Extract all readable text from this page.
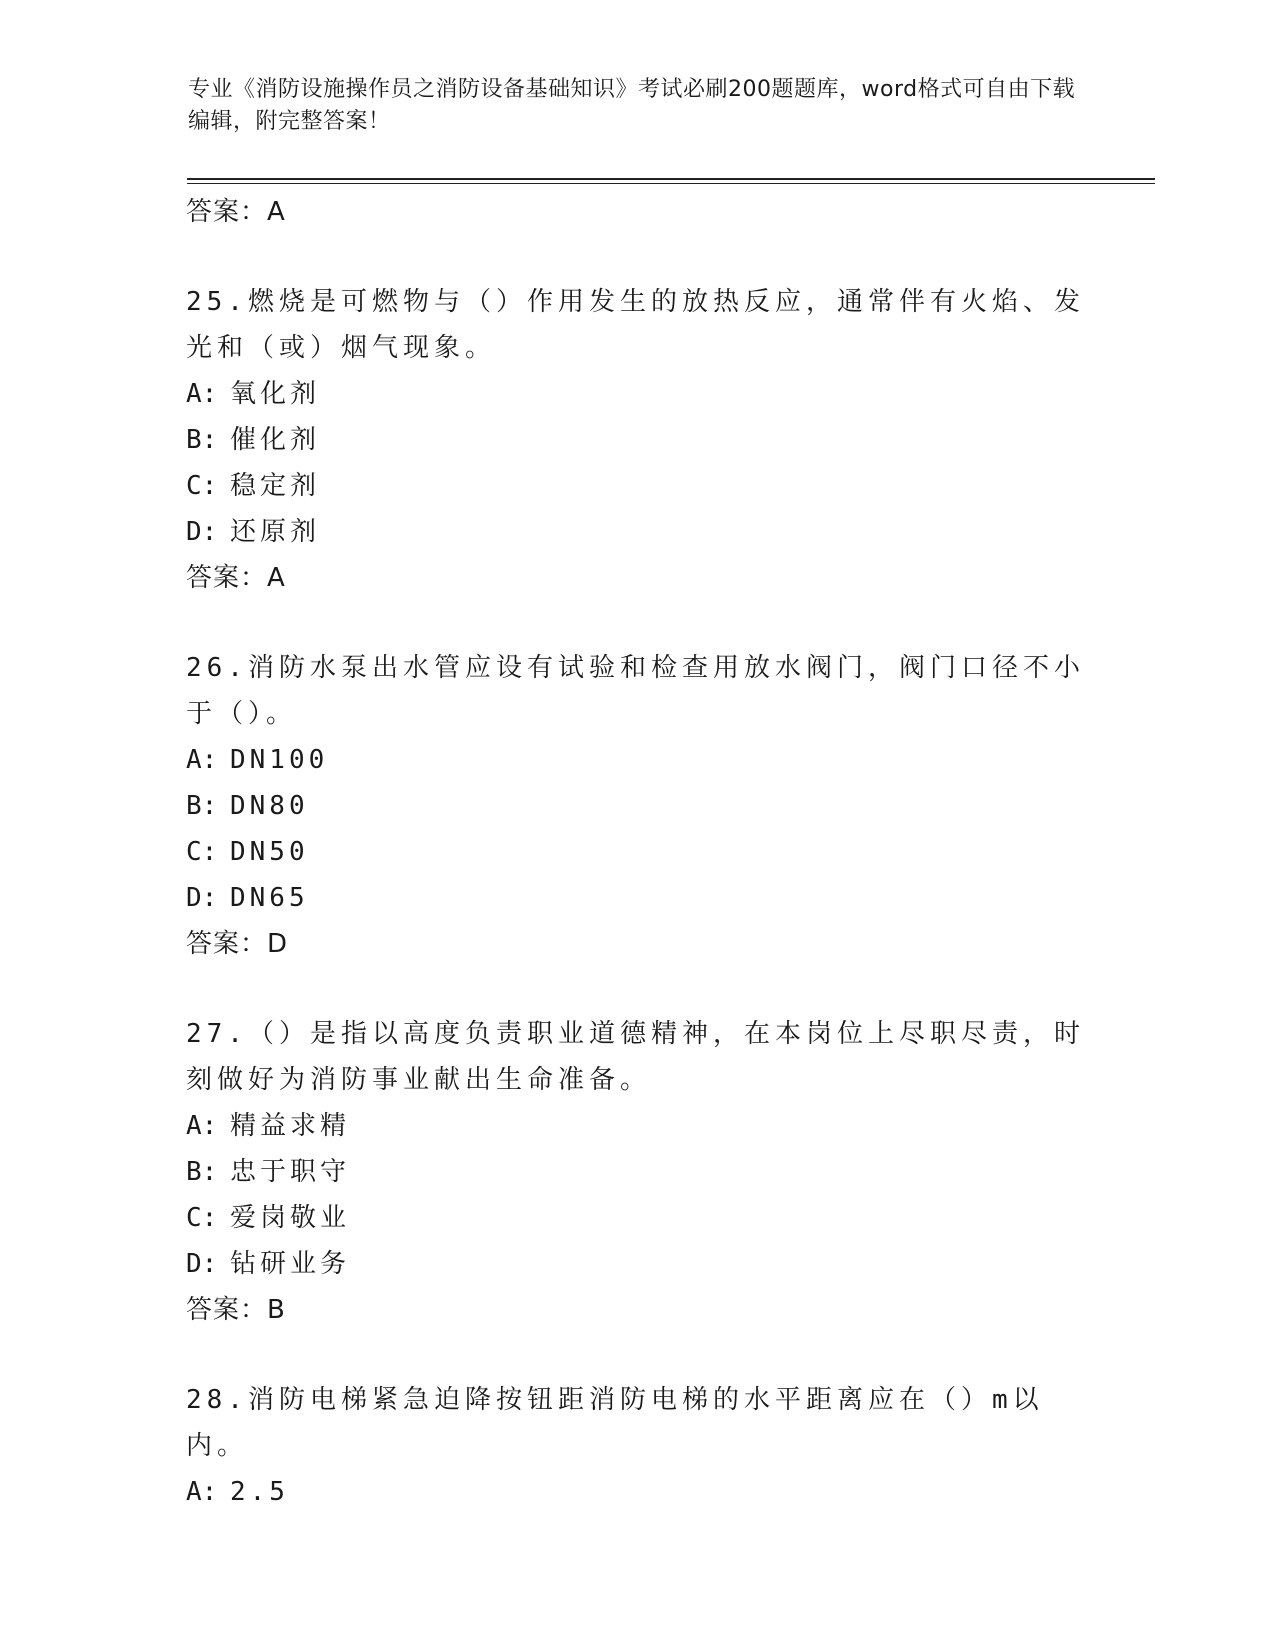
专业《消防设施操作员之消防设备基础知识》考试必刷200题题库，word格式可自由下载编辑，附完整答案！
答案：A
25.燃烧是可燃物与（）作用发生的放热反应，通常伴有火焰、发光和（或）烟气现象。
A: 氧化剂
B: 催化剂
C: 稳定剂
D: 还原剂
答案：A
26.消防水泵出水管应设有试验和检查用放水阀门，阀门口径不小于（）。
A: DN100
B: DN80
C: DN50
D: DN65
答案：D
27.（）是指以高度负责职业道德精神，在本岗位上尽职尽责，时刻做好为消防事业献出生命准备。
A: 精益求精
B: 忠于职守
C: 爱岗敬业
D: 钻研业务
答案：B
28.消防电梯紧急迫降按钮距消防电梯的水平距离应在（）m以内。
A: 2.5
